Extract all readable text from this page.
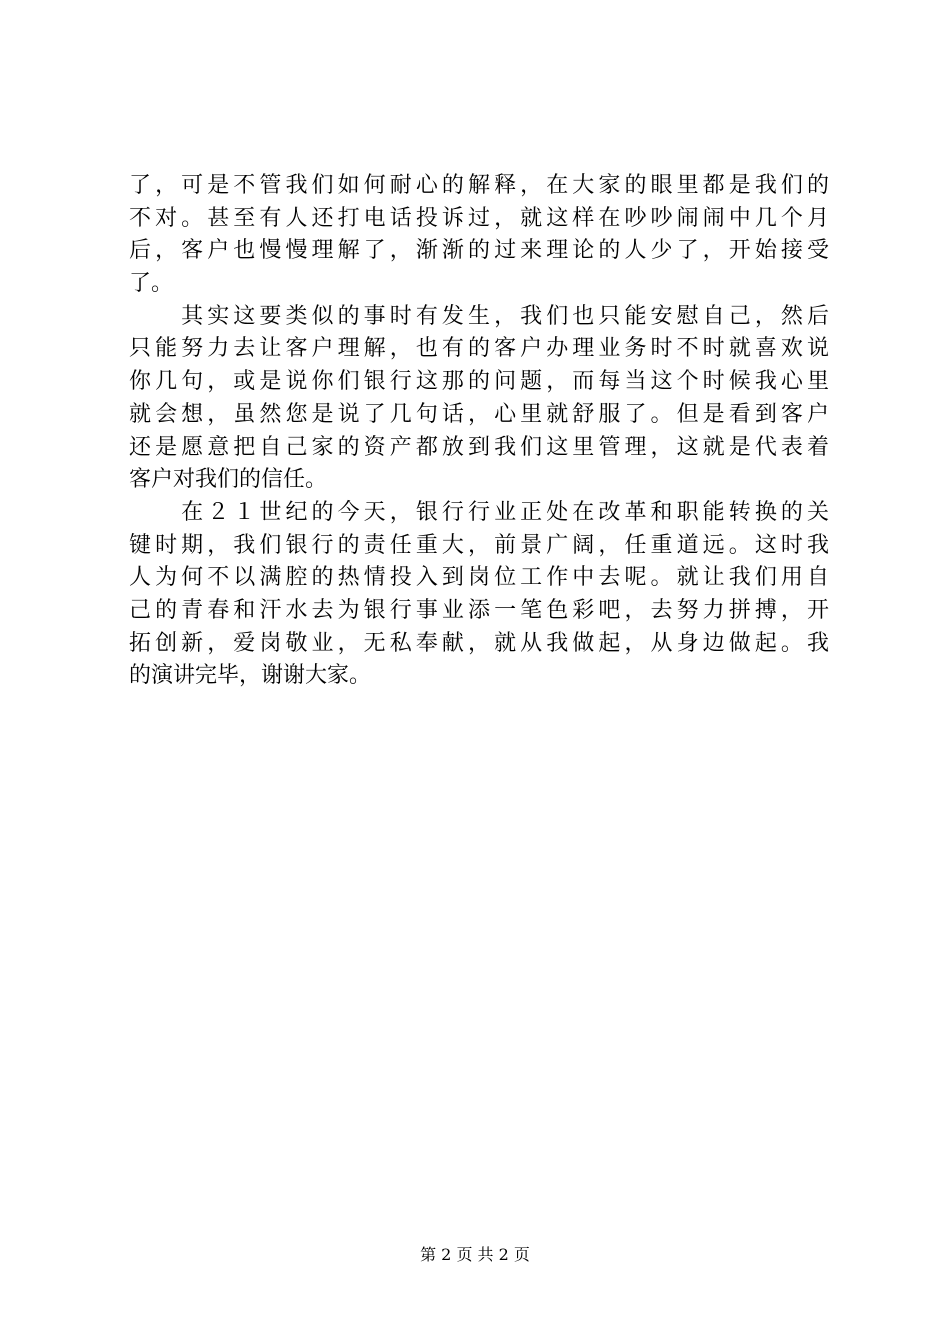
了，可是不管我们如何耐心的解释，在大家的眼里都是我们的
不对。甚至有人还打电话投诉过，就这样在吵吵闹闹中几个月
后，客户也慢慢理解了，渐渐的过来理论的人少了，开始接受
了。
　　其实这要类似的事时有发生，我们也只能安慰自己，然后
只能努力去让客户理解，也有的客户办理业务时不时就喜欢说
你几句，或是说你们银行这那的问题，而每当这个时候我心里
就会想，虽然您是说了几句话，心里就舒服了。但是看到客户
还是愿意把自己家的资产都放到我们这里管理，这就是代表着
客户对我们的信任。
　　在２１世纪的今天，银行行业正处在改革和职能转换的关
键时期，我们银行的责任重大，前景广阔，任重道远。这时我
人为何不以满腔的热情投入到岗位工作中去呢。就让我们用自
己的青春和汗水去为银行事业添一笔色彩吧，去努力拼搏，开
拓创新，爱岗敬业，无私奉献，就从我做起，从身边做起。我
的演讲完毕，谢谢大家。
第 2 页 共 2 页
